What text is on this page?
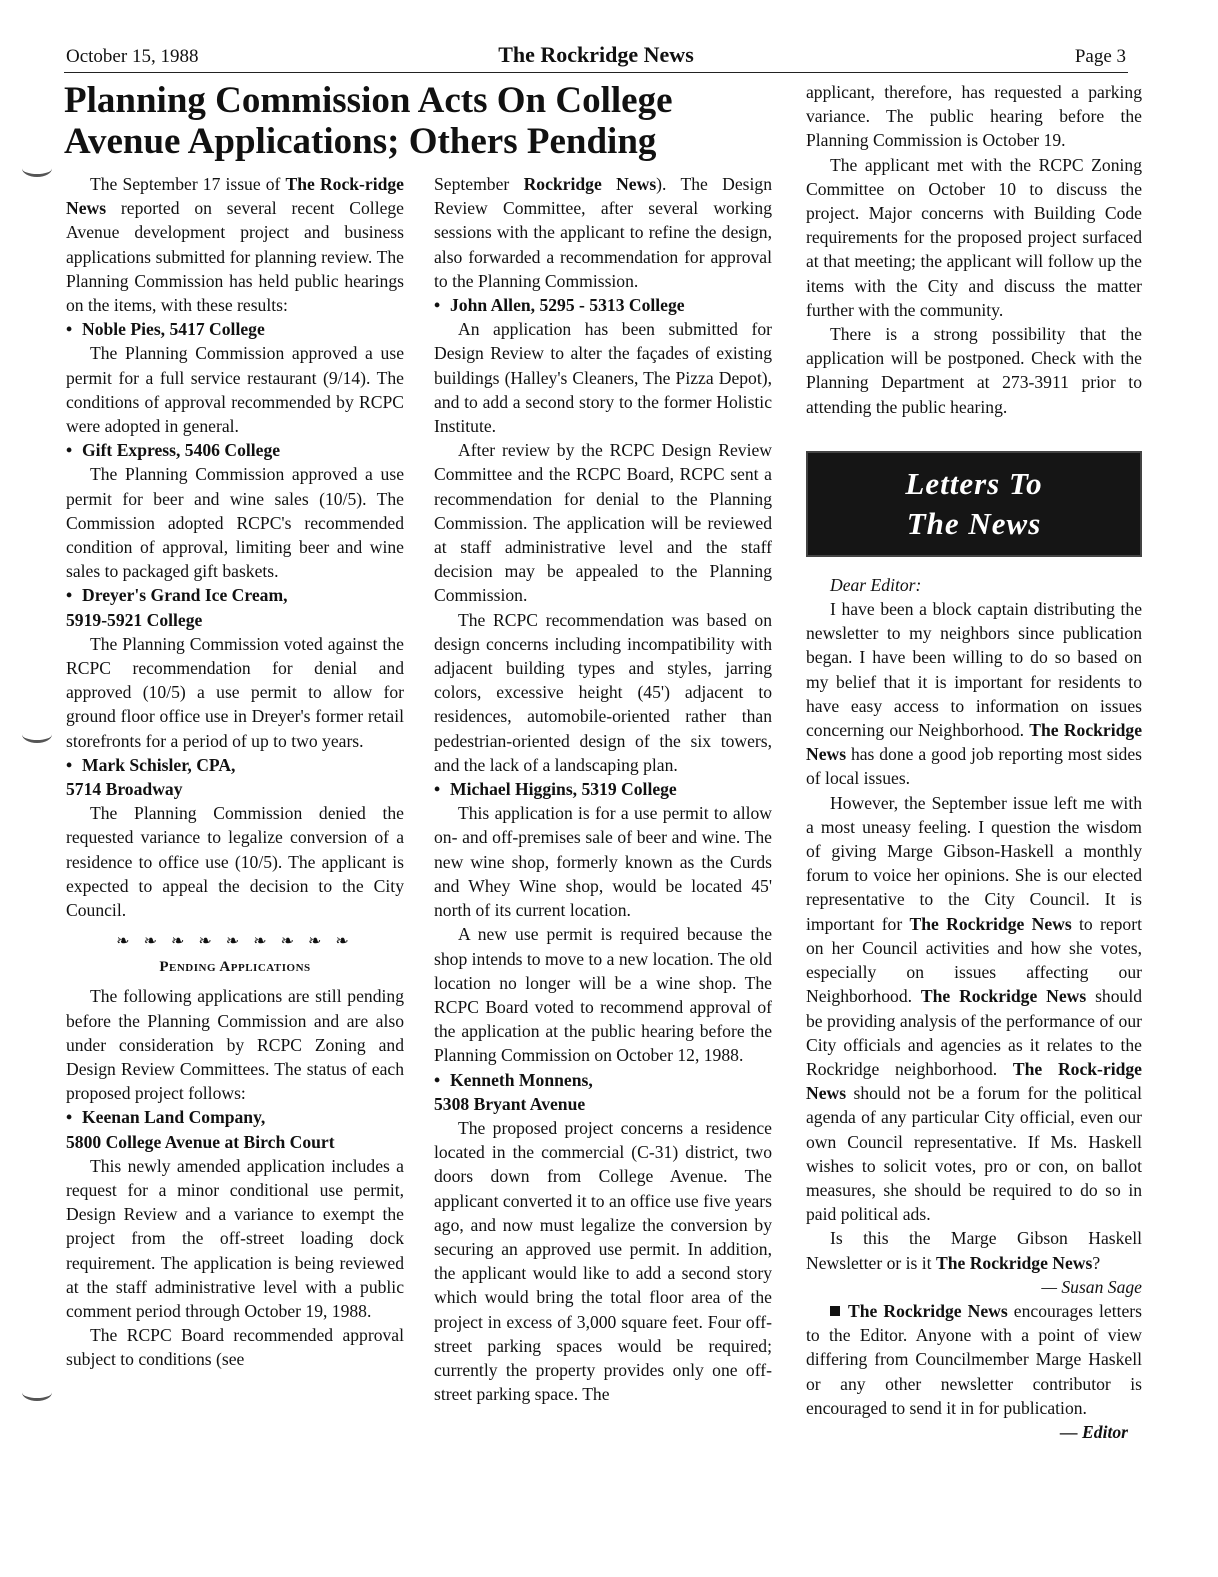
October 15, 1988	The Rockridge News	Page 3
Planning Commission Acts On College Avenue Applications; Others Pending

The September 17 issue of The Rock-ridge News reported on several recent College Avenue development project and business applications submitted for planning review. The Planning Commission has held public hearings on the items, with these results:

• Noble Pies, 5417 College

The Planning Commission approved a use permit for a full service restaurant (9/14). The conditions of approval recommended by RCPC were adopted in general.

• Gift Express, 5406 College

The Planning Commission approved a use permit for beer and wine sales (10/5). The Commission adopted RCPC's recommended condition of approval, limiting beer and wine sales to packaged gift baskets.

• Dreyer's Grand Ice Cream,
5919-5921 College

The Planning Commission voted against the RCPC recommendation for denial and approved (10/5) a use permit to allow for ground floor office use in Dreyer's former retail storefronts for a period of up to two years.

• Mark Schisler, CPA,
5714 Broadway

The Planning Commission denied the requested variance to legalize conversion of a residence to office use (10/5). The applicant is expected to appeal the decision to the City Council.

❧ ❧ ❧ ❧ ❧ ❧ ❧ ❧ ❧
Pending Applications

The following applications are still pending before the Planning Commission and are also under consideration by RCPC Zoning and Design Review Committees. The status of each proposed project follows:

• Keenan Land Company,
5800 College Avenue at Birch Court

This newly amended application includes a request for a minor conditional use permit, Design Review and a variance to exempt the project from the off-street loading dock requirement. The application is being reviewed at the staff administrative level with a public comment period through October 19, 1988.

The RCPC Board recommended approval subject to conditions (see

September Rockridge News). The Design Review Committee, after several working sessions with the applicant to refine the design, also forwarded a recommendation for approval to the Planning Commission.

• John Allen, 5295 - 5313 College

An application has been submitted for Design Review to alter the façades of existing buildings (Halley's Cleaners, The Pizza Depot), and to add a second story to the former Holistic Institute.

After review by the RCPC Design Review Committee and the RCPC Board, RCPC sent a recommendation for denial to the Planning Commission. The application will be reviewed at staff administrative level and the staff decision may be appealed to the Planning Commission.

The RCPC recommendation was based on design concerns including incompatibility with adjacent building types and styles, jarring colors, excessive height (45') adjacent to residences, automobile-oriented rather than pedestrian-oriented design of the six towers, and the lack of a landscaping plan.

• Michael Higgins, 5319 College

This application is for a use permit to allow on- and off-premises sale of beer and wine. The new wine shop, formerly known as the Curds and Whey Wine shop, would be located 45' north of its current location.

A new use permit is required because the shop intends to move to a new location. The old location no longer will be a wine shop. The RCPC Board voted to recommend approval of the application at the public hearing before the Planning Commission on October 12, 1988.

• Kenneth Monnens,
5308 Bryant Avenue

The proposed project concerns a residence located in the commercial (C-31) district, two doors down from College Avenue. The applicant converted it to an office use five years ago, and now must legalize the conversion by securing an approved use permit. In addition, the applicant would like to add a second story which would bring the total floor area of the project in excess of 3,000 square feet. Four off-street parking spaces would be required; currently the property provides only one off-street parking space. The

applicant, therefore, has requested a parking variance. The public hearing before the Planning Commission is October 19.

The applicant met with the RCPC Zoning Committee on October 10 to discuss the project. Major concerns with Building Code requirements for the proposed project surfaced at that meeting; the applicant will follow up the items with the City and discuss the matter further with the community.

There is a strong possibility that the application will be postponed. Check with the Planning Department at 273-3911 prior to attending the public hearing.

Letters To
The News

Dear Editor:

I have been a block captain distributing the newsletter to my neighbors since publication began. I have been willing to do so based on my belief that it is important for residents to have easy access to information on issues concerning our Neighborhood. The Rockridge News has done a good job reporting most sides of local issues.

However, the September issue left me with a most uneasy feeling. I question the wisdom of giving Marge Gibson-Haskell a monthly forum to voice her opinions. She is our elected representative to the City Council. It is important for The Rockridge News to report on her Council activities and how she votes, especially on issues affecting our Neighborhood. The Rockridge News should be providing analysis of the performance of our City officials and agencies as it relates to the Rockridge neighborhood. The Rock-ridge News should not be a forum for the political agenda of any particular City official, even our own Council representative. If Ms. Haskell wishes to solicit votes, pro or con, on ballot measures, she should be required to do so in paid political ads.

Is this the Marge Gibson Haskell Newsletter or is it The Rockridge News?

— Susan Sage

The Rockridge News encourages letters to the Editor. Anyone with a point of view differing from Councilmember Marge Haskell or any other newsletter contributor is encouraged to send it in for publication.
— Editor
